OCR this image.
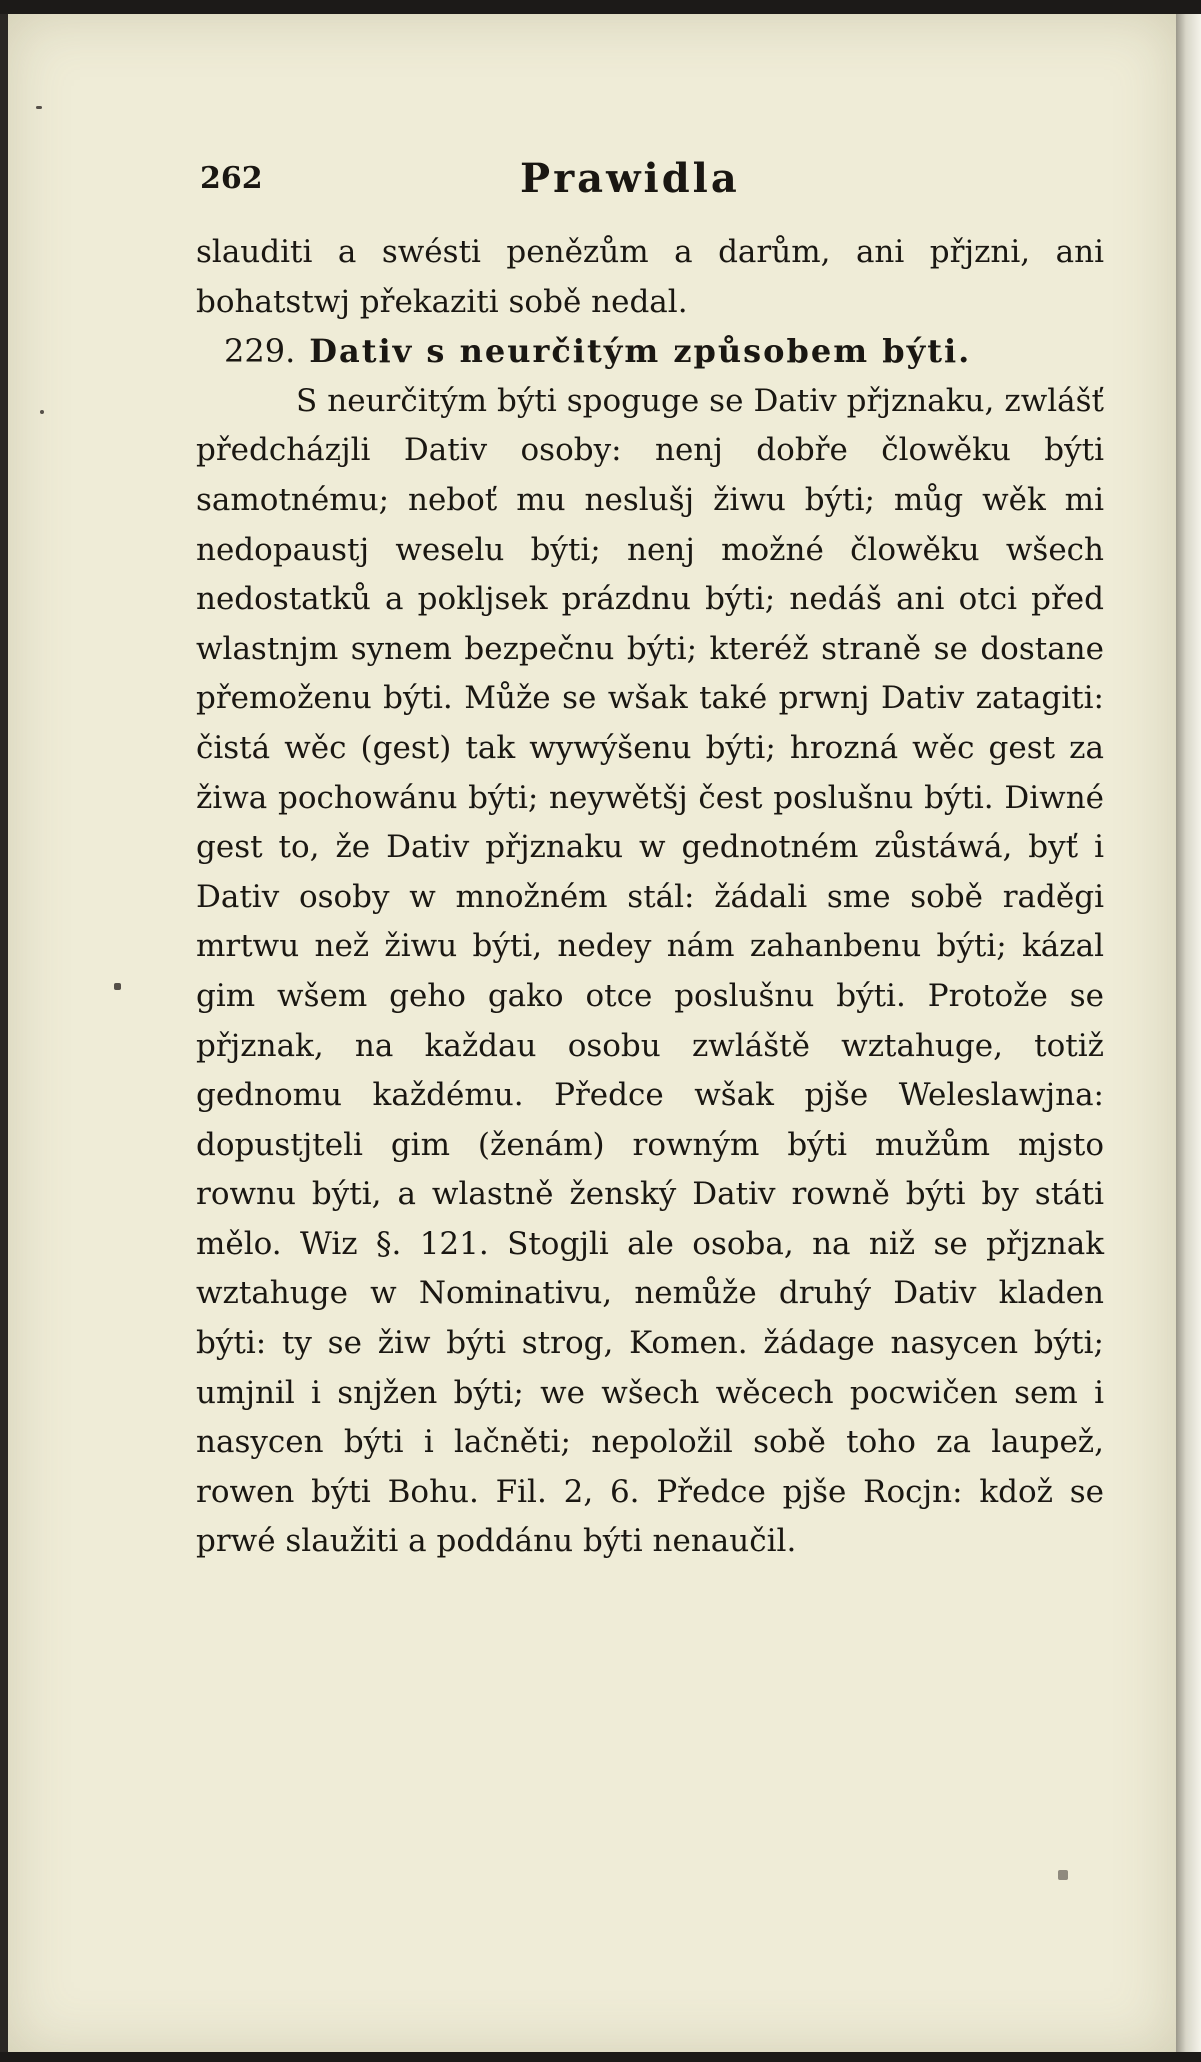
262	Prawidla

slauditi a swésti penězům a darům, ani přjzni, ani bohatstwj překaziti sobě nedal.

229. Dativ s neurčitým způsobem býti.

S neurčitým býti spoguge se Dativ přjznaku, zwlášť předcházjli Dativ osoby: nenj dobře člowěku býti samotnému; neboť mu neslušj žiwu býti; můg wěk mi nedopaustj weselu býti; nenj možné člowěku wšech nedostatků a pokljsek prázdnu býti; nedáš ani otci před wlastnjm synem bezpečnu býti; kteréž straně se dostane přemoženu býti. Může se wšak také prwnj Dativ zatagiti: čistá wěc (gest) tak wywýšenu býti; hrozná wěc gest za žiwa pochowánu býti; neywětšj čest poslušnu býti. Diwné gest to, že Dativ přjznaku w gednotném zůstáwá, byť i Dativ osoby w množném stál: žádali sme sobě raděgi mrtwu než žiwu býti, nedey nám zahanbenu býti; kázal gim wšem geho gako otce poslušnu býti. Protože se přjznak, na každau osobu zwláště wztahuge, totiž gednomu každému. Předce wšak pjše Weleslawjna: dopustjteli gim (ženám) rowným býti mužům mjsto rownu býti, a wlastně ženský Dativ rowně býti by státi mělo. Wiz §. 121. Stogjli ale osoba, na niž se přjznak wztahuge w Nominativu, nemůže druhý Dativ kladen býti: ty se žiw býti strog, Komen. žádage nasycen býti; umjnil i snjžen býti; we wšech wěcech pocwičen sem i nasycen býti i lačněti; nepoložil sobě toho za laupež, rowen býti Bohu. Fil. 2, 6. Předce pjše Rocjn: kdož se prwé slaužiti a poddánu býti nenaučil.
